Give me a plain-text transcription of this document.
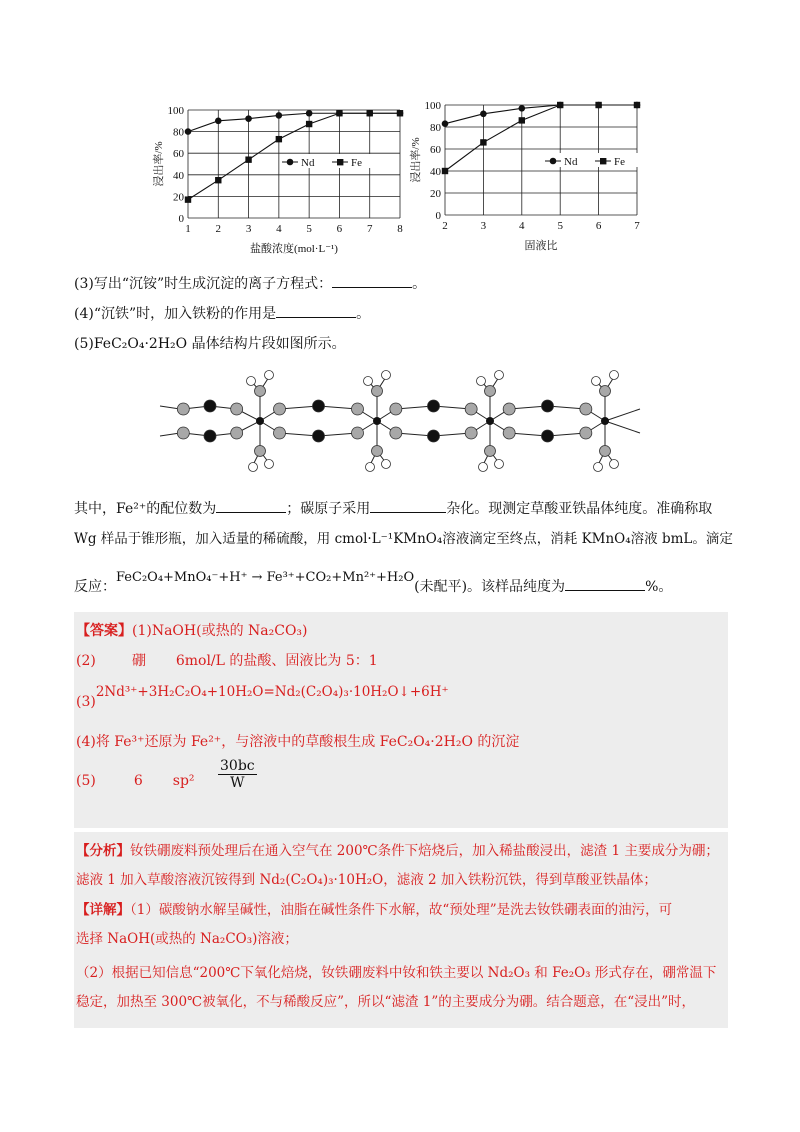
1 2 3 4 5 6 7 8
0
20
40
60
80
100
浸出率/%
盐酸浓度(mol·L⁻¹)
Nd	Fe
2	3	4	5	6	7
0
20
40
60
80
100
浸出率/%
固液比
Nd	Fe
(3)写出“沉铵”时生成沉淀的离子方程式：	。
(4)“沉铁”时，加入铁粉的作用是	。
(5)FeC₂O₄·2H₂O 晶体结构片段如图所示。
其中，Fe²⁺的配位数为	；碳原子采用	杂化。现测定草酸亚铁晶体纯度。准确称取
Wg 样品于锥形瓶，加入适量的稀硫酸，用 cmol·L⁻¹KMnO₄溶液滴定至终点，消耗 KMnO₄溶液 bmL。滴定
反应：FeC₂O₄+MnO₄⁻+H⁺ → Fe³⁺+CO₂+Mn²⁺+H₂O(未配平)。该样品纯度为	%。
【答案】(1)NaOH(或热的 Na₂CO₃)
(2)	硼 6mol/L 的盐酸、固液比为 5：1
(3)2Nd³⁺+3H₂C₂O₄+10H₂O=Nd₂(C₂O₄)₃·10H₂O↓+6H⁺
(4)将 Fe³⁺还原为 Fe²⁺，与溶液中的草酸根生成 FeC₂O₄·2H₂O 的沉淀
(5)	6 sp²
30bc
W
【分析】钕铁硼废料预处理后在通入空气在 200℃条件下焙烧后，加入稀盐酸浸出，滤渣 1 主要成分为硼；
滤液 1 加入草酸溶液沉铵得到 Nd₂(C₂O₄)₃·10H₂O，滤液 2 加入铁粉沉铁，得到草酸亚铁晶体；
【详解】（1）碳酸钠水解呈碱性，油脂在碱性条件下水解，故“预处理”是洗去钕铁硼表面的油污，可
选择 NaOH(或热的 Na₂CO₃)溶液；
（2）根据已知信息“200℃下氧化焙烧，钕铁硼废料中钕和铁主要以 Nd₂O₃ 和 Fe₂O₃ 形式存在，硼常温下
稳定，加热至 300℃被氧化，不与稀酸反应”，所以“滤渣 1”的主要成分为硼。结合题意，在“浸出”时，
